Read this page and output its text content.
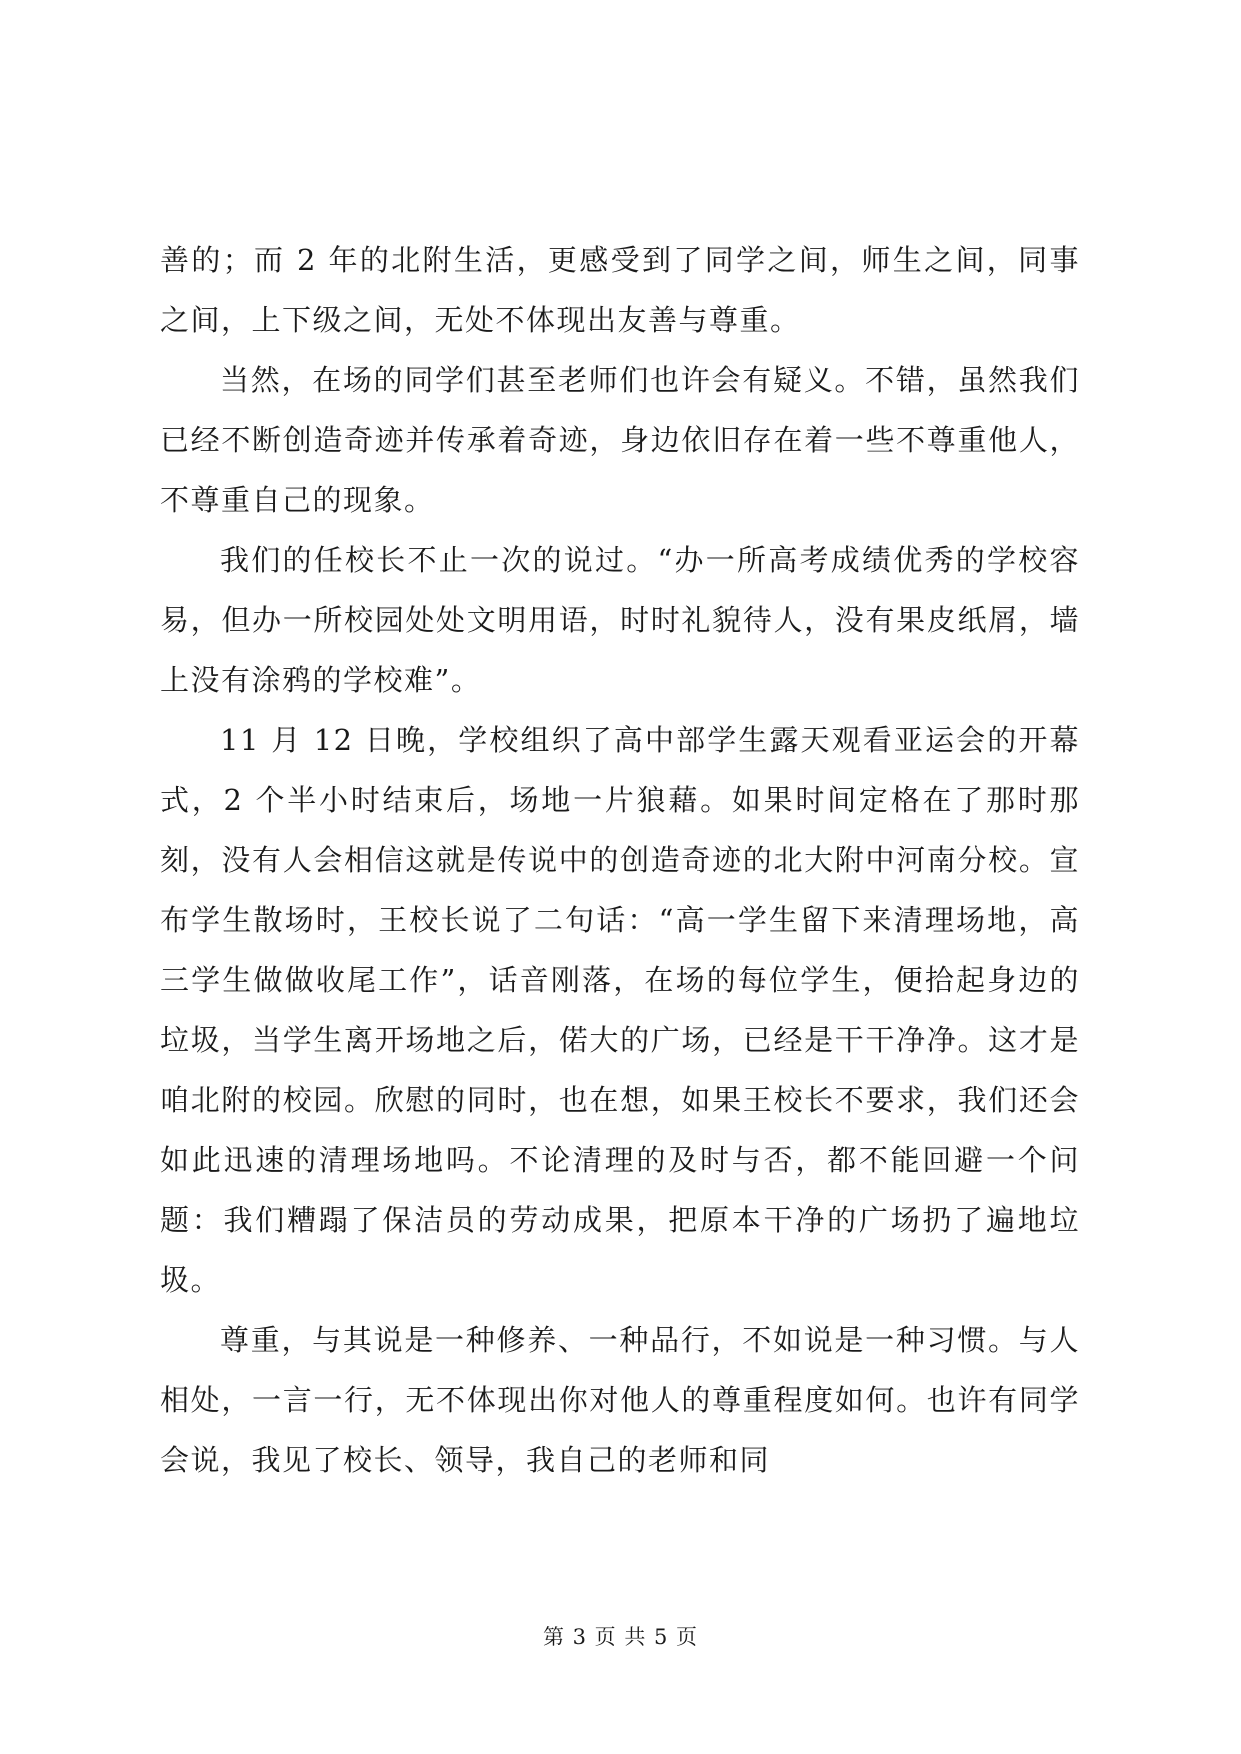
善的；而 2 年的北附生活，更感受到了同学之间，师生之间，同事之间，上下级之间，无处不体现出友善与尊重。

当然，在场的同学们甚至老师们也许会有疑义。不错，虽然我们已经不断创造奇迹并传承着奇迹，身边依旧存在着一些不尊重他人，不尊重自己的现象。

我们的任校长不止一次的说过。“办一所高考成绩优秀的学校容易，但办一所校园处处文明用语，时时礼貌待人，没有果皮纸屑，墙上没有涂鸦的学校难”。

11 月 12 日晚，学校组织了高中部学生露天观看亚运会的开幕式，2 个半小时结束后，场地一片狼藉。如果时间定格在了那时那刻，没有人会相信这就是传说中的创造奇迹的北大附中河南分校。宣布学生散场时，王校长说了二句话：“高一学生留下来清理场地，高三学生做做收尾工作”，话音刚落，在场的每位学生，便拾起身边的垃圾，当学生离开场地之后，偌大的广场，已经是干干净净。这才是咱北附的校园。欣慰的同时，也在想，如果王校长不要求，我们还会如此迅速的清理场地吗。不论清理的及时与否，都不能回避一个问题：我们糟蹋了保洁员的劳动成果，把原本干净的广场扔了遍地垃圾。

尊重，与其说是一种修养、一种品行，不如说是一种习惯。与人相处，一言一行，无不体现出你对他人的尊重程度如何。也许有同学会说，我见了校长、领导，我自己的老师和同

第 3 页 共 5 页
